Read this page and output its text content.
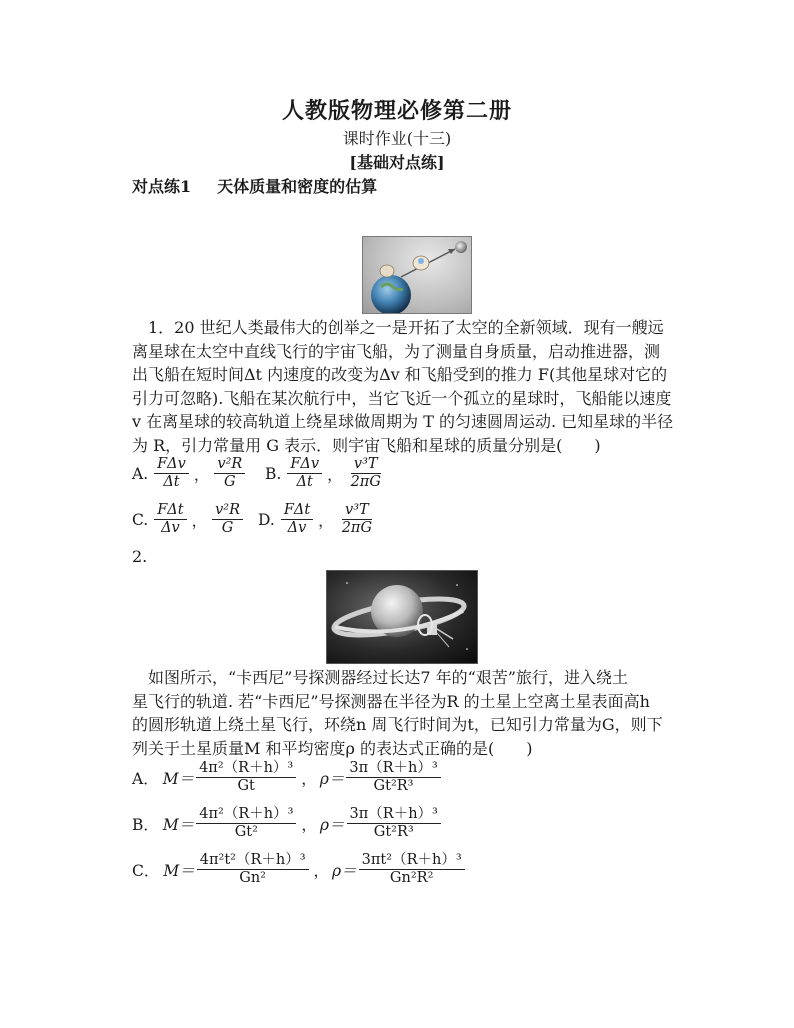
人教版物理必修第二册
课时作业(十三)
[基础对点练]
对点练1 天体质量和密度的估算

1．20 世纪人类最伟大的创举之一是开拓了太空的全新领域．现有一艘远

离星球在太空中直线飞行的宇宙飞船，为了测量自身质量，启动推进器，测

出飞船在短时间Δt 内速度的改变为Δv 和飞船受到的推力 F(其他星球对它的

引力可忽略).飞船在某次航行中，当它飞近一个孤立的星球时，飞船能以速度

v 在离星球的较高轨道上绕星球做周期为 T 的匀速圆周运动. 已知星球的半径

为 R，引力常量用 G 表示．则宇宙飞船和星球的质量分别是(　　)

A. $\frac{\text{FΔv}}{\Delta t}$ ， $\frac{\text{v²R}}{G} B$. $\frac{\text{FΔv}}{\Delta t}$ ， $\frac{\text{v³T}}{2\pi G}$
C. $\frac{\text{FΔt}}{\Delta v}$ ， $\frac{\text{v²R}}{G} D$. $\frac{\text{FΔt}}{\Delta v}$ ， $\frac{\text{v³T}}{2\pi G}$
2.

如图所示，“卡西尼”号探测器经过长达7 年的“艰苦”旅行，进入绕土

星飞行的轨道. 若“卡西尼”号探测器在半径为R 的土星上空离土星表面高h

的圆形轨道上绕土星飞行，环绕n 周飞行时间为t，已知引力常量为G，则下

列关于土星质量M 和平均密度ρ 的表达式正确的是(　　)

A． $M= \frac{\text{4π²（R＋h）³}}{Gt}$ ， $\rho= \frac{\text{3π（R＋h）³}}{\text{Gt²R³}}$
B． $M= \frac{\text{4π²（R＋h）³}}{\text{Gt²}}$ ， $\rho= \frac{\text{3π（R＋h）³}}{\text{Gt²R³}}$
C． $M= \frac{\text{4π²t²（R＋h）³}}{\text{Gn²}}$ ， $\rho= \frac{\text{3πt²（R＋h）³}}{\text{Gn²R²}}$
